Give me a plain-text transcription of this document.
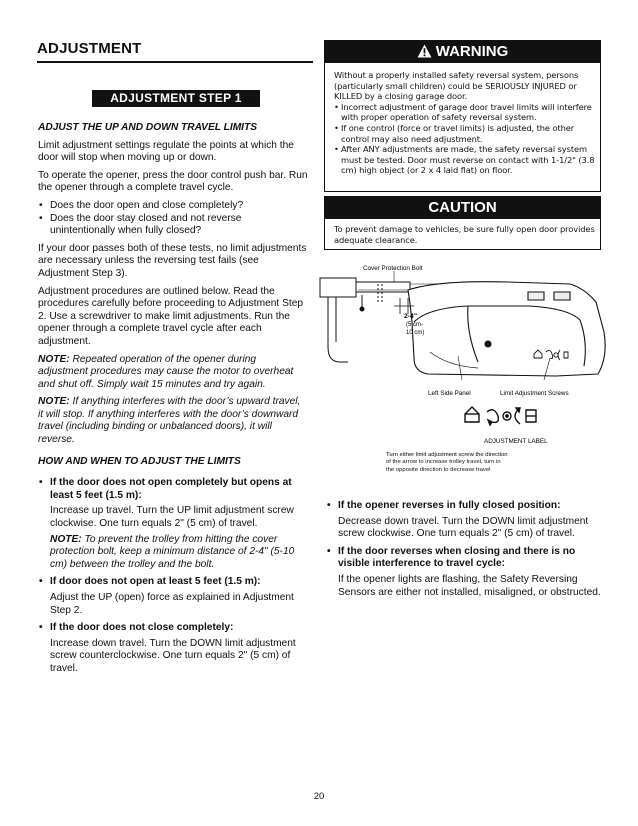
ADJUSTMENT
ADJUSTMENT STEP 1

ADJUST THE UP AND DOWN TRAVEL LIMITS

Limit adjustment settings regulate the points at which the door will stop when moving up or down.

To operate the opener, press the door control push bar. Run the opener through a complete travel cycle.

• Does the door open and close completely?
• Does the door stay closed and not reverse unintentionally when fully closed?

If your door passes both of these tests, no limit adjustments are necessary unless the reversing test fails (see Adjustment Step 3).

Adjustment procedures are outlined below. Read the procedures carefully before proceeding to Adjustment Step 2. Use a screwdriver to make limit adjustments. Run the opener through a complete travel cycle after each adjustment.

NOTE: Repeated operation of the opener during adjustment procedures may cause the motor to overheat and shut off. Simply wait 15 minutes and try again.

NOTE: If anything interferes with the door’s upward travel, it will stop. If anything interferes with the door’s downward travel (including binding or unbalanced doors), it will reverse.

HOW AND WHEN TO ADJUST THE LIMITS

• If the door does not open completely but opens at least 5 feet (1.5 m):
Increase up travel. Turn the UP limit adjustment screw clockwise. One turn equals 2" (5 cm) of travel.
NOTE: To prevent the trolley from hitting the cover protection bolt, keep a minimum distance of 2-4" (5-10 cm) between the trolley and the bolt.
• If door does not open at least 5 feet (1.5 m):
Adjust the UP (open) force as explained in Adjustment Step 2.
• If the door does not close completely:
Increase down travel. Turn the DOWN limit adjustment screw counterclockwise. One turn equals 2" (5 cm) of travel.
WARNING

Without a properly installed safety reversal system, persons (particularly small children) could be SERIOUSLY INJURED or KILLED by a closing garage door.

• Incorrect adjustment of garage door travel limits will interfere with proper operation of safety reversal system.
• If one control (force or travel limits) is adjusted, the other control may also need adjustment.
• After ANY adjustments are made, the safety reversal system must be tested. Door must reverse on contact with 1-1/2" (3.8 cm) high object (or 2 x 4 laid flat) on floor.
CAUTION
To prevent damage to vehicles, be sure fully open door provides adequate clearance.
2-4"
(5 cm-
10 cm)
Cover Protection Bolt
Left Side Panel	Limit Adjustment Screws
ADJUSTMENT LABEL
Turn either limit adjustment screw the direction
of the arrow to increase trolley travel, turn in
the opposite direction to decrease travel
• If the opener reverses in fully closed position:
Decrease down travel. Turn the DOWN limit adjustment screw clockwise. One turn equals 2" (5 cm) of travel.
• If the door reverses when closing and there is no visible interference to travel cycle:
If the opener lights are flashing, the Safety Reversing Sensors are either not installed, misaligned, or obstructed.
20
